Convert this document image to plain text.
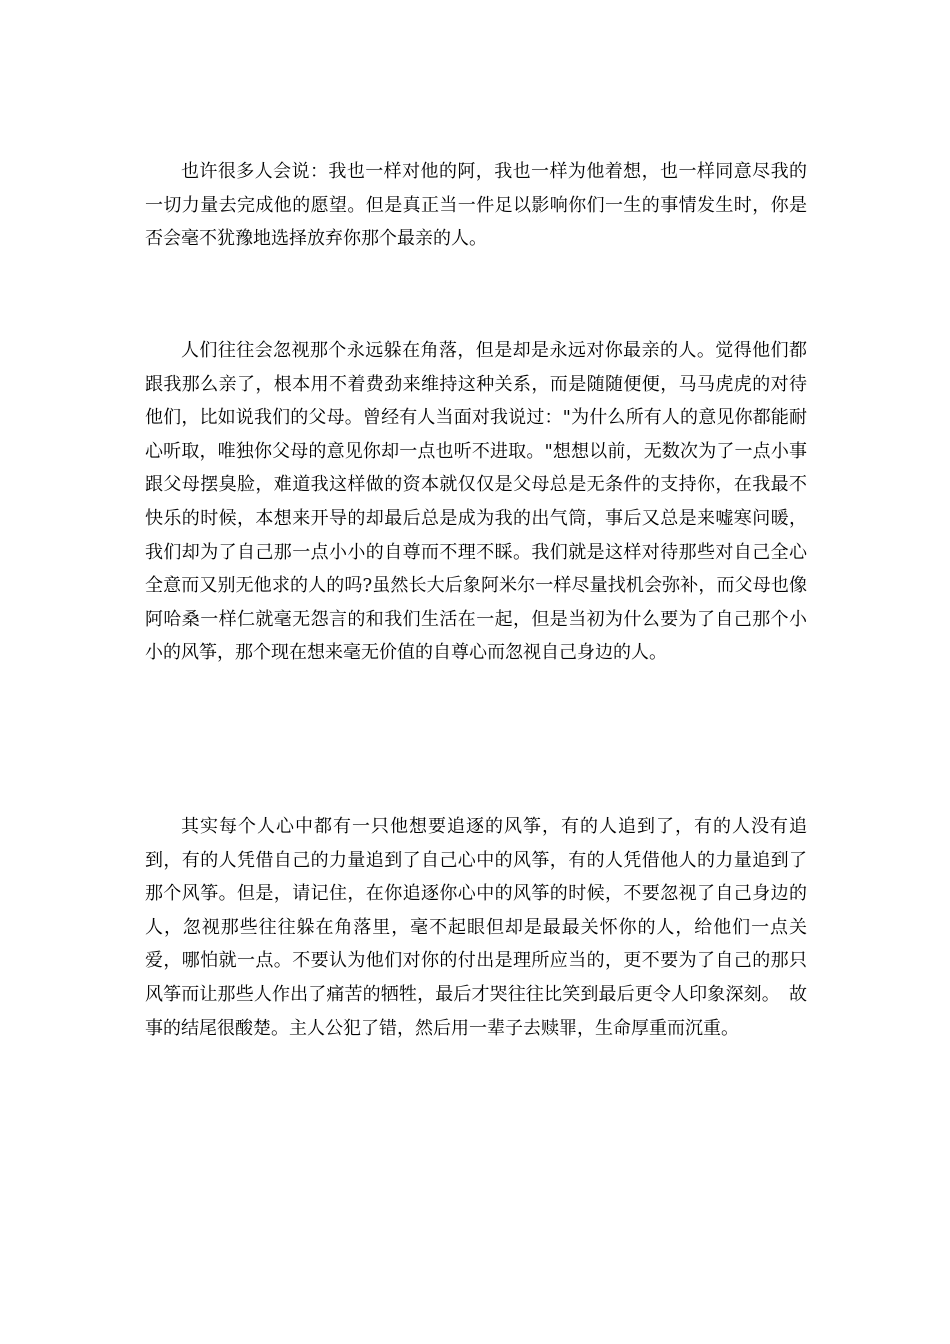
也许很多人会说：我也一样对他的阿，我也一样为他着想，也一样同意尽我的一切力量去完成他的愿望。但是真正当一件足以影响你们一生的事情发生时，你是否会毫不犹豫地选择放弃你那个最亲的人。

人们往往会忽视那个永远躲在角落，但是却是永远对你最亲的人。觉得他们都跟我那么亲了，根本用不着费劲来维持这种关系，而是随随便便，马马虎虎的对待他们，比如说我们的父母。曾经有人当面对我说过："为什么所有人的意见你都能耐心听取，唯独你父母的意见你却一点也听不进取。"想想以前，无数次为了一点小事跟父母摆臭脸，难道我这样做的资本就仅仅是父母总是无条件的支持你，在我最不快乐的时候，本想来开导的却最后总是成为我的出气筒，事后又总是来嘘寒问暖，我们却为了自己那一点小小的自尊而不理不睬。我们就是这样对待那些对自己全心全意而又别无他求的人的吗?虽然长大后象阿米尔一样尽量找机会弥补，而父母也像阿哈桑一样仁就毫无怨言的和我们生活在一起，但是当初为什么要为了自己那个小小的风筝，那个现在想来毫无价值的自尊心而忽视自己身边的人。

其实每个人心中都有一只他想要追逐的风筝，有的人追到了，有的人没有追到，有的人凭借自己的力量追到了自己心中的风筝，有的人凭借他人的力量追到了那个风筝。但是，请记住，在你追逐你心中的风筝的时候，不要忽视了自己身边的人，忽视那些往往躲在角落里，毫不起眼但却是最最关怀你的人，给他们一点关爱，哪怕就一点。不要认为他们对你的付出是理所应当的，更不要为了自己的那只风筝而让那些人作出了痛苦的牺牲，最后才哭往往比笑到最后更令人印象深刻。　故事的结尾很酸楚。主人公犯了错，然后用一辈子去赎罪，生命厚重而沉重。
